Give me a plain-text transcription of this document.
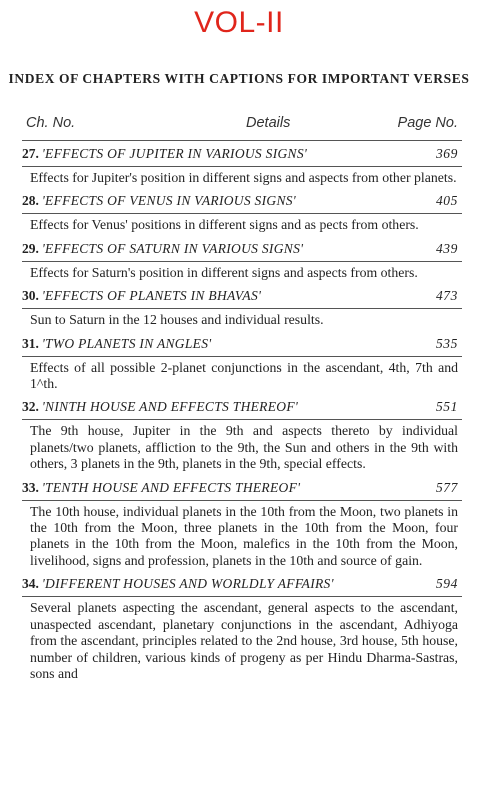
VOL-II
INDEX OF CHAPTERS WITH CAPTIONS FOR IMPORTANT VERSES
Ch. No.	Details	Page No.
27. 'EFFECTS OF JUPITER IN VARIOUS SIGNS'	369
Effects for Jupiter's position in different signs and aspects from other planets.
28. 'EFFECTS OF VENUS IN VARIOUS SIGNS'	405
Effects for Venus' positions in different signs and as pects from others.
29. 'EFFECTS OF SATURN IN VARIOUS SIGNS'	439
Effects for Saturn's position in different signs and aspects from others.
30. 'EFFECTS OF PLANETS IN BHAVAS'	473
Sun to Saturn in the 12 houses and individual results.
31. 'TWO PLANETS IN ANGLES'	535
Effects of all possible 2-planet conjunctions in the ascendant, 4th, 7th and 1^th.
32. 'NINTH HOUSE AND EFFECTS THEREOF'	551
The 9th house, Jupiter in the 9th and aspects thereto by individual planets/two planets, affliction to the 9th, the Sun and others in the 9th with others, 3 planets in the 9th, planets in the 9th, special effects.
33. 'TENTH HOUSE AND EFFECTS THEREOF'	577
The 10th house, individual planets in the 10th from the Moon, two planets in the 10th from the Moon, three planets in the 10th from the Moon, four planets in the 10th from the Moon, malefics in the 10th from the Moon, livelihood, signs and profession, planets in the 10th and source of gain.
34. 'DIFFERENT HOUSES AND WORLDLY AFFAIRS'	594
Several planets aspecting the ascendant, general aspects to the ascendant, unaspected ascendant, planetary conjunctions in the ascendant, Adhiyoga from the ascendant, principles related to the 2nd house, 3rd house, 5th house, number of children, various kinds of progeny as per Hindu Dharma-Sastras, sons and
